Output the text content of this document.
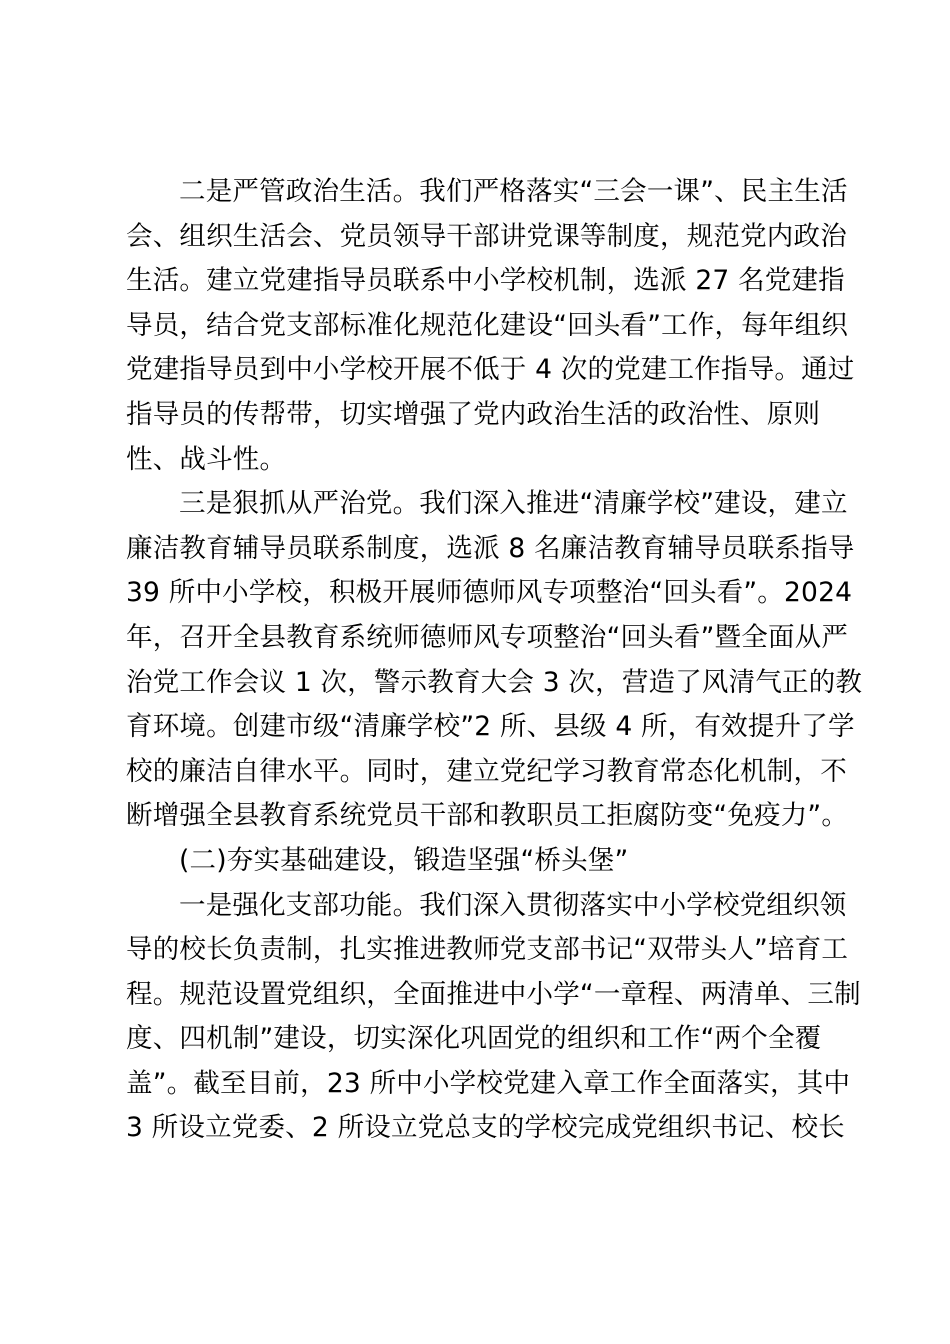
二是严管政治生活。我们严格落实“三会一课”、民主生活
会、组织生活会、党员领导干部讲党课等制度，规范党内政治
生活。建立党建指导员联系中小学校机制，选派 27 名党建指
导员，结合党支部标准化规范化建设“回头看”工作，每年组织
党建指导员到中小学校开展不低于 4 次的党建工作指导。通过
指导员的传帮带，切实增强了党内政治生活的政治性、原则
性、战斗性。
三是狠抓从严治党。我们深入推进“清廉学校”建设，建立
廉洁教育辅导员联系制度，选派 8 名廉洁教育辅导员联系指导
39 所中小学校，积极开展师德师风专项整治“回头看”。2024
年，召开全县教育系统师德师风专项整治“回头看”暨全面从严
治党工作会议 1 次，警示教育大会 3 次，营造了风清气正的教
育环境。创建市级“清廉学校”2 所、县级 4 所，有效提升了学
校的廉洁自律水平。同时，建立党纪学习教育常态化机制，不
断增强全县教育系统党员干部和教职员工拒腐防变“免疫力”。
(二)夯实基础建设，锻造坚强“桥头堡”
一是强化支部功能。我们深入贯彻落实中小学校党组织领
导的校长负责制，扎实推进教师党支部书记“双带头人”培育工
程。规范设置党组织，全面推进中小学“一章程、两清单、三制
度、四机制”建设，切实深化巩固党的组织和工作“两个全覆
盖”。截至目前，23 所中小学校党建入章工作全面落实，其中
3 所设立党委、2 所设立党总支的学校完成党组织书记、校长
